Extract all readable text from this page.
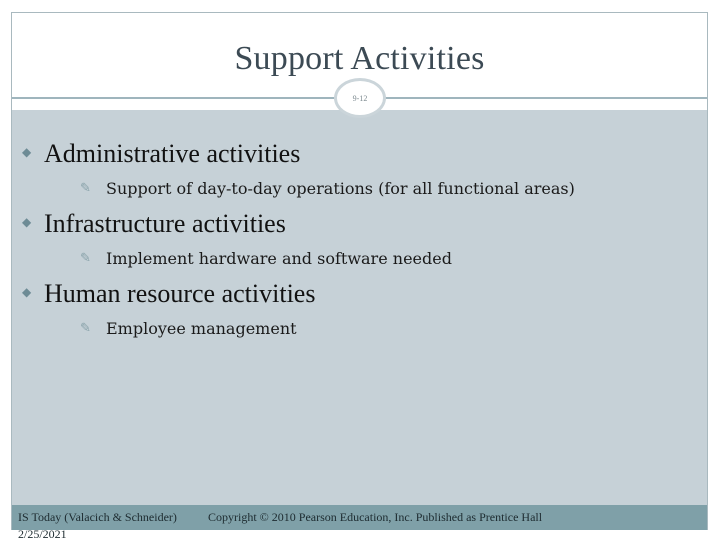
Support Activities
9-12
◆ Administrative activities
✎ Support of day-to-day operations (for all functional areas)
◆ Infrastructure activities
✎ Implement hardware and software needed
◆ Human resource activities
✎ Employee management
IS Today (Valacich & Schneider)	Copyright © 2010 Pearson Education, Inc. Published as Prentice Hall
2/25/2021
